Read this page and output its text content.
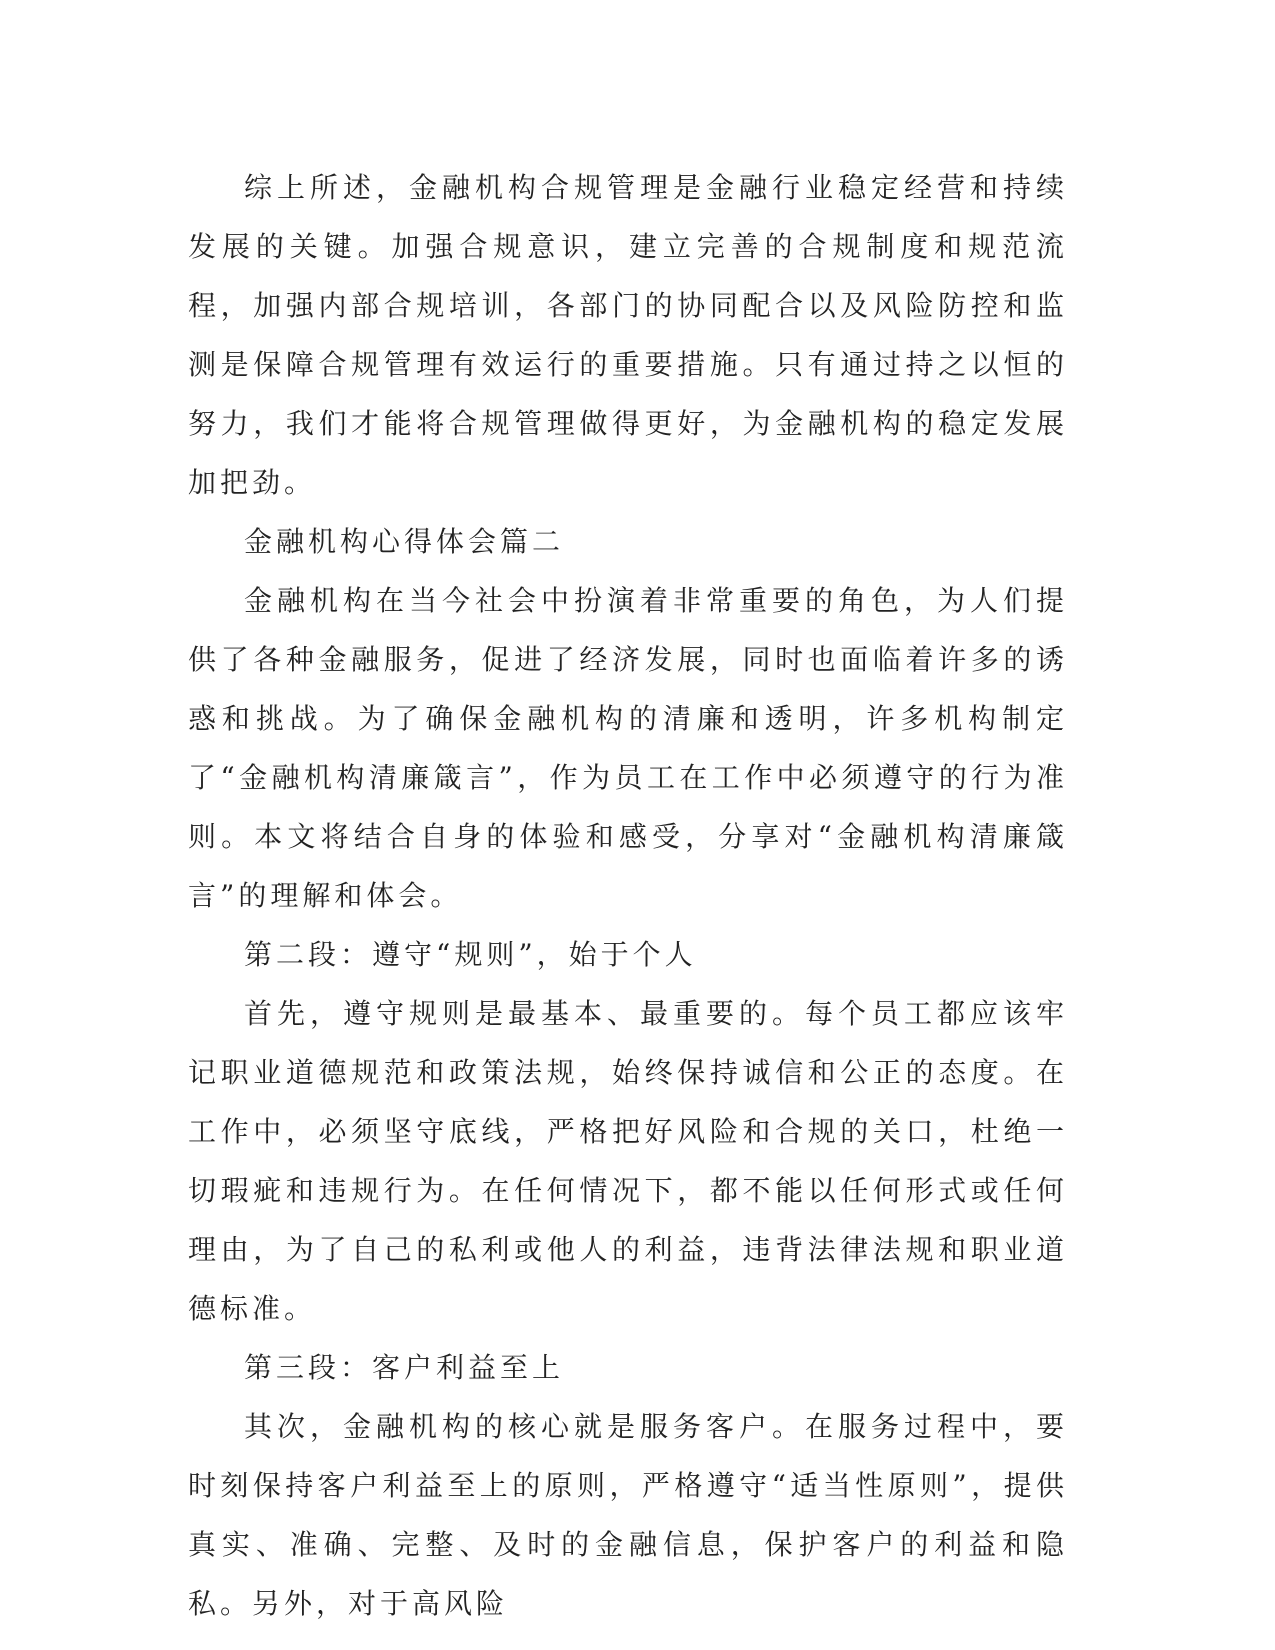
综上所述，金融机构合规管理是金融行业稳定经营和持续发展的关键。加强合规意识，建立完善的合规制度和规范流程，加强内部合规培训，各部门的协同配合以及风险防控和监测是保障合规管理有效运行的重要措施。只有通过持之以恒的努力，我们才能将合规管理做得更好，为金融机构的稳定发展加把劲。

金融机构心得体会篇二

金融机构在当今社会中扮演着非常重要的角色，为人们提供了各种金融服务，促进了经济发展，同时也面临着许多的诱惑和挑战。为了确保金融机构的清廉和透明，许多机构制定了“金融机构清廉箴言”，作为员工在工作中必须遵守的行为准则。本文将结合自身的体验和感受，分享对“金融机构清廉箴言”的理解和体会。

第二段：遵守“规则”，始于个人

首先，遵守规则是最基本、最重要的。每个员工都应该牢记职业道德规范和政策法规，始终保持诚信和公正的态度。在工作中，必须坚守底线，严格把好风险和合规的关口，杜绝一切瑕疵和违规行为。在任何情况下，都不能以任何形式或任何理由，为了自己的私利或他人的利益，违背法律法规和职业道德标准。

第三段：客户利益至上

其次，金融机构的核心就是服务客户。在服务过程中，要时刻保持客户利益至上的原则，严格遵守“适当性原则”，提供真实、准确、完整、及时的金融信息，保护客户的利益和隐私。另外，对于高风险
